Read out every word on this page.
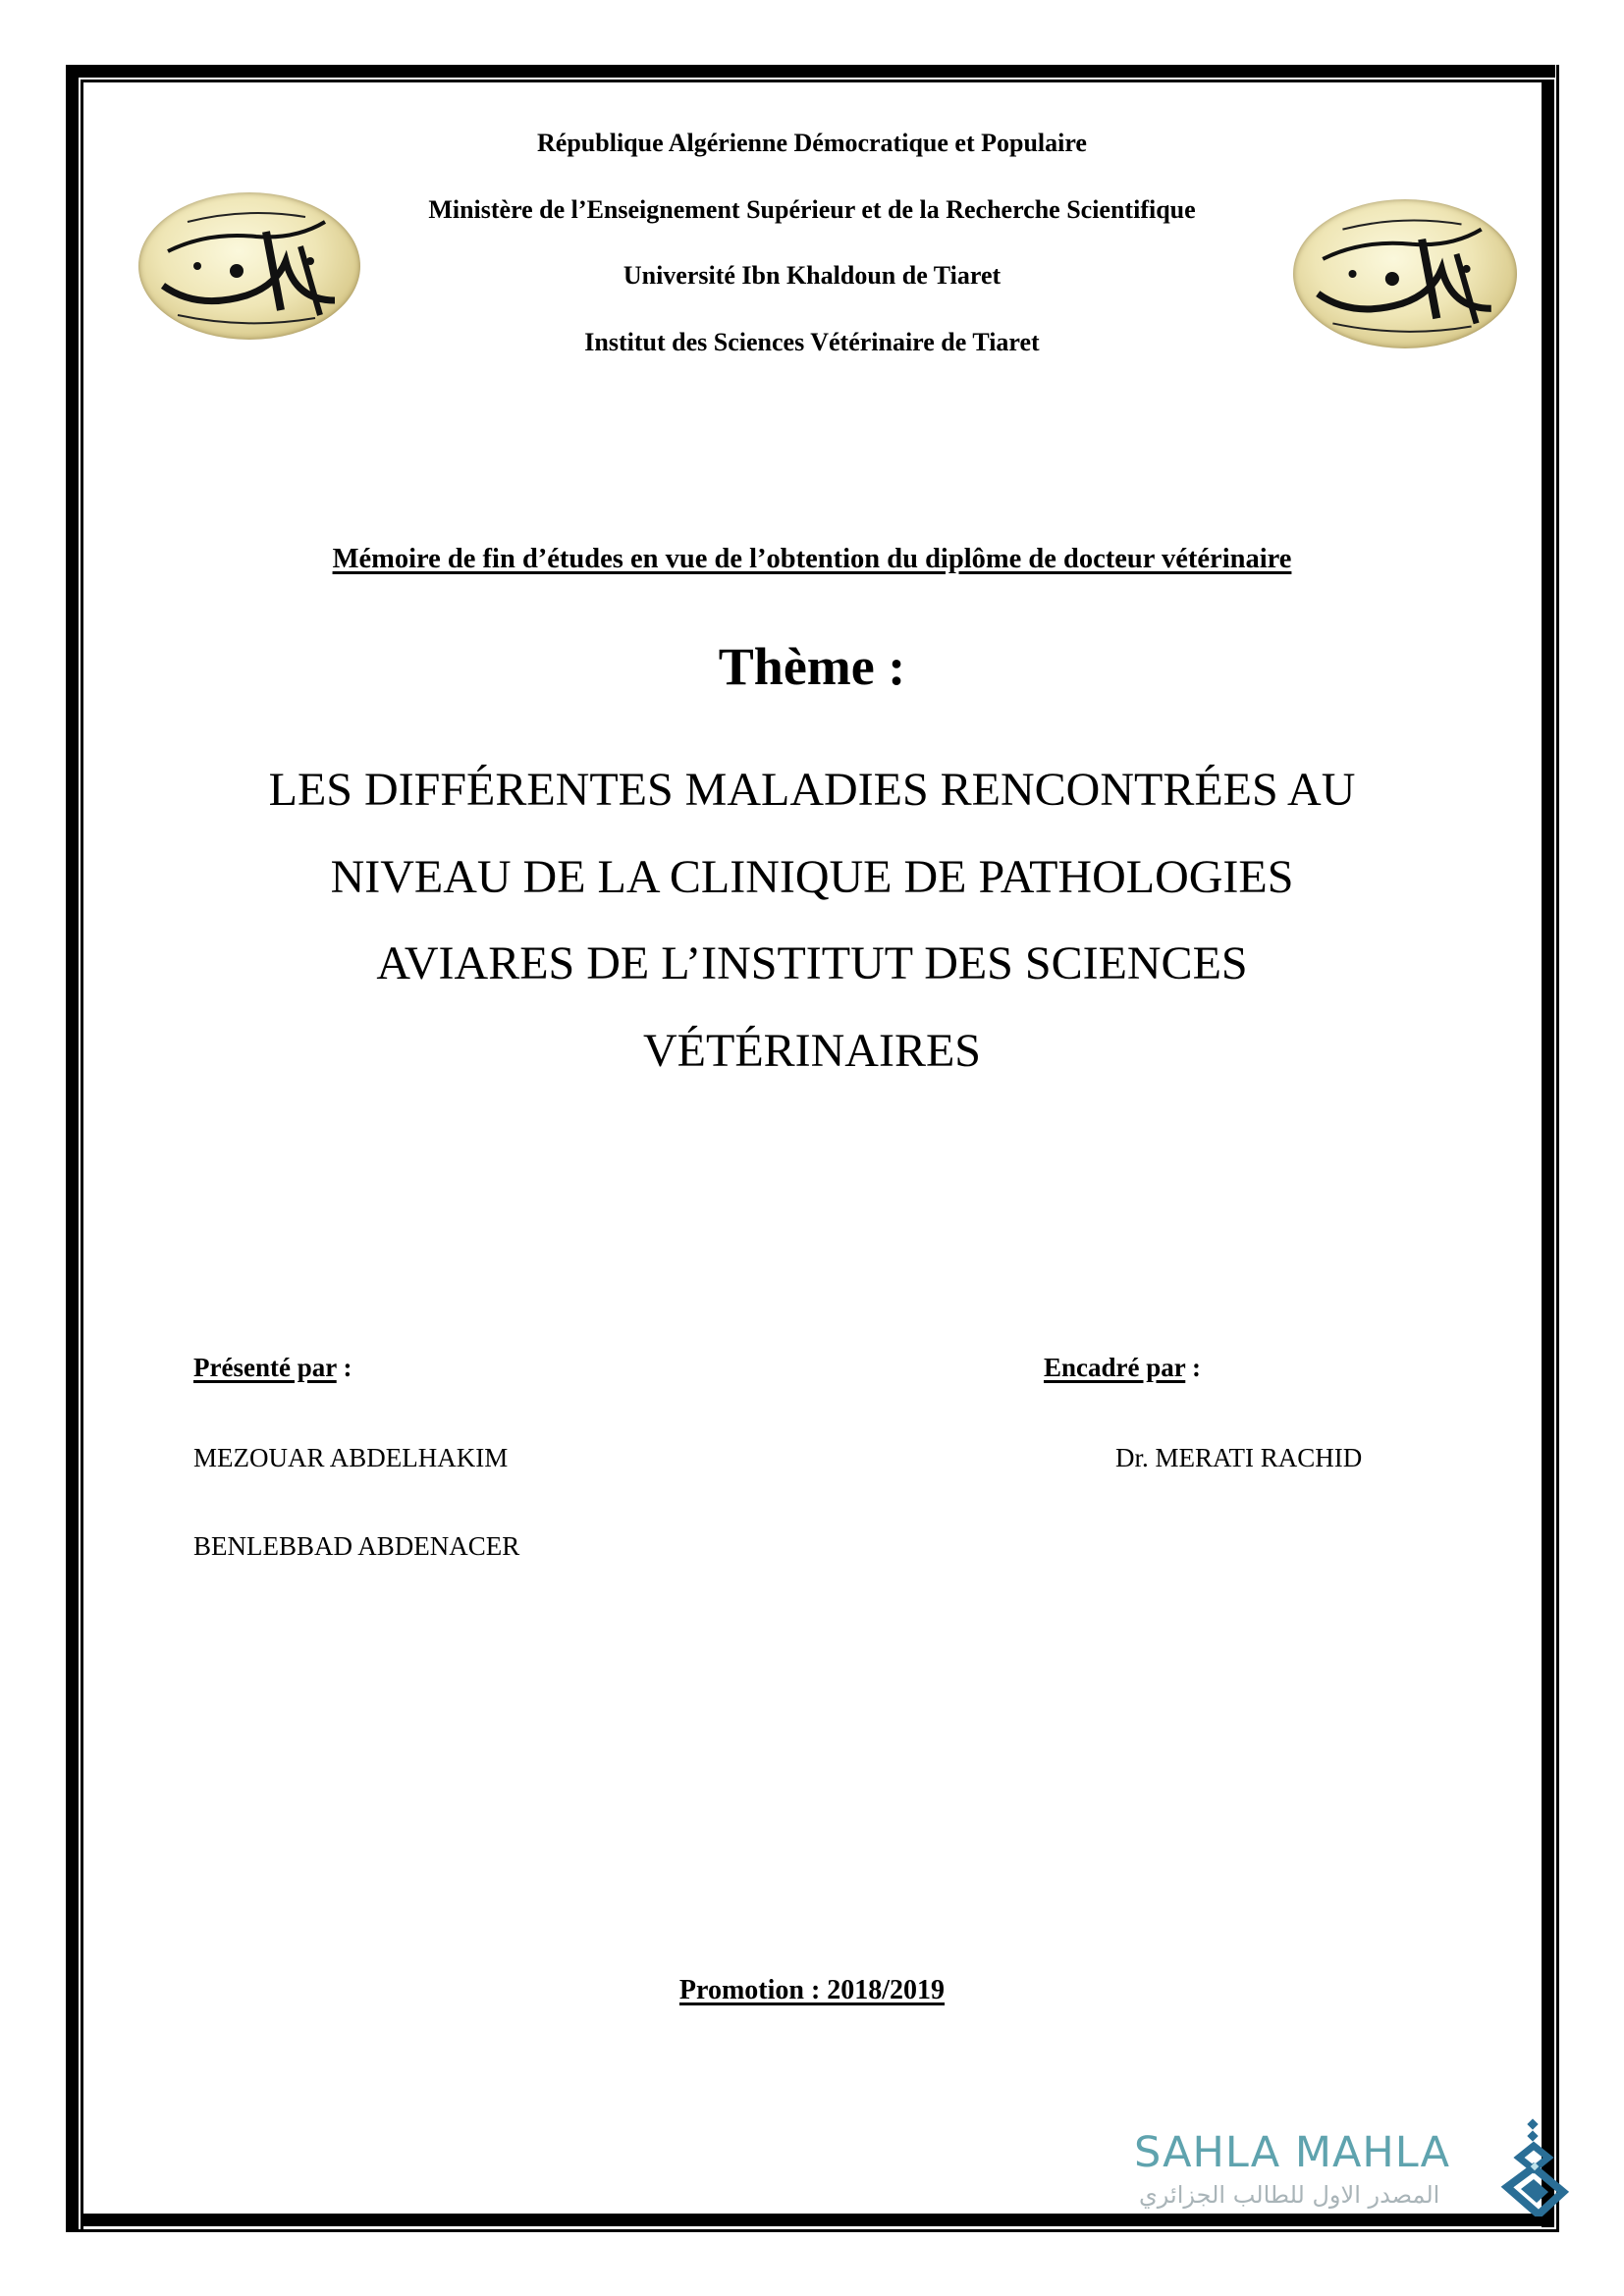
République Algérienne Démocratique et Populaire
Ministère de l’Enseignement Supérieur et de la Recherche Scientifique
Université Ibn Khaldoun de Tiaret
Institut des Sciences Vétérinaire de Tiaret
Mémoire de fin d’études en vue de l’obtention du diplôme de docteur vétérinaire
Thème :
LES DIFFÉRENTES MALADIES RENCONTRÉES AU
NIVEAU DE LA CLINIQUE DE PATHOLOGIES
AVIARES DE L’INSTITUT DES SCIENCES
VÉTÉRINAIRES
Présenté par :
MEZOUAR ABDELHAKIM
BENLEBBAD ABDENACER
Encadré par :
Dr. MERATI RACHID
Promotion : 2018/2019
SAHLA MAHLA
المصدر الاول للطالب الجزائري
